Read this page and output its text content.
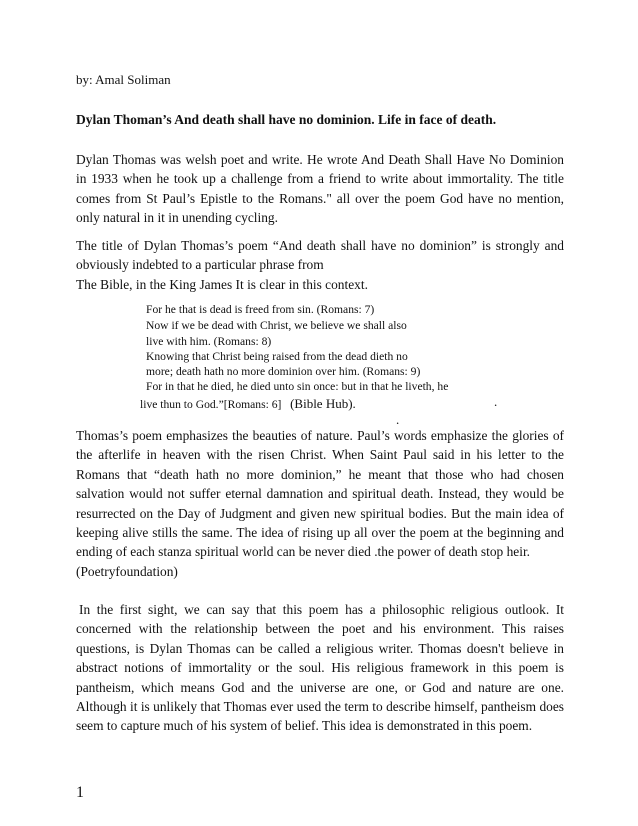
by: Amal Soliman
Dylan Thoman’s And death shall have no dominion. Life in face of death.

Dylan Thomas was welsh poet and write. He wrote And Death Shall Have No Dominion in 1933 when he took up a challenge from a friend to write about immortality. The title comes from St Paul’s Epistle to the Romans." all over the poem God have no mention, only natural in it in unending cycling.

The title of Dylan Thomas’s poem “And death shall have no dominion” is strongly and obviously indebted to a particular phrase from
The Bible, in the King James It is clear in this context.
For he that is dead is freed from sin. (Romans: 7)
Now if we be dead with Christ, we believe we shall also
live with him. (Romans: 8)
Knowing that Christ being raised from the dead dieth no
more; death hath no more dominion over him. (Romans: 9)
For in that he died, he died unto sin once: but in that he liveth, he
live thun to God.”[Romans: 6] (Bible Hub).	.
.
Thomas’s poem emphasizes the beauties of nature. Paul’s words emphasize the glories of the afterlife in heaven with the risen Christ. When Saint Paul said in his letter to the Romans that “death hath no more dominion,” he meant that those who had chosen salvation would not suffer eternal damnation and spiritual death. Instead, they would be resurrected on the Day of Judgment and given new spiritual bodies. But the main idea of keeping alive stills the same. The idea of rising up all over the poem at the beginning and ending of each stanza spiritual world can be never died .the power of death stop heir.
(Poetryfoundation)

In the first sight, we can say that this poem has a philosophic religious outlook. It concerned with the relationship between the poet and his environment. This raises questions, is Dylan Thomas can be called a religious writer. Thomas doesn't believe in abstract notions of immortality or the soul. His religious framework in this poem is pantheism, which means God and the universe are one, or God and nature are one. Although it is unlikely that Thomas ever used the term to describe himself, pantheism does seem to capture much of his system of belief. This idea is demonstrated in this poem.

1
